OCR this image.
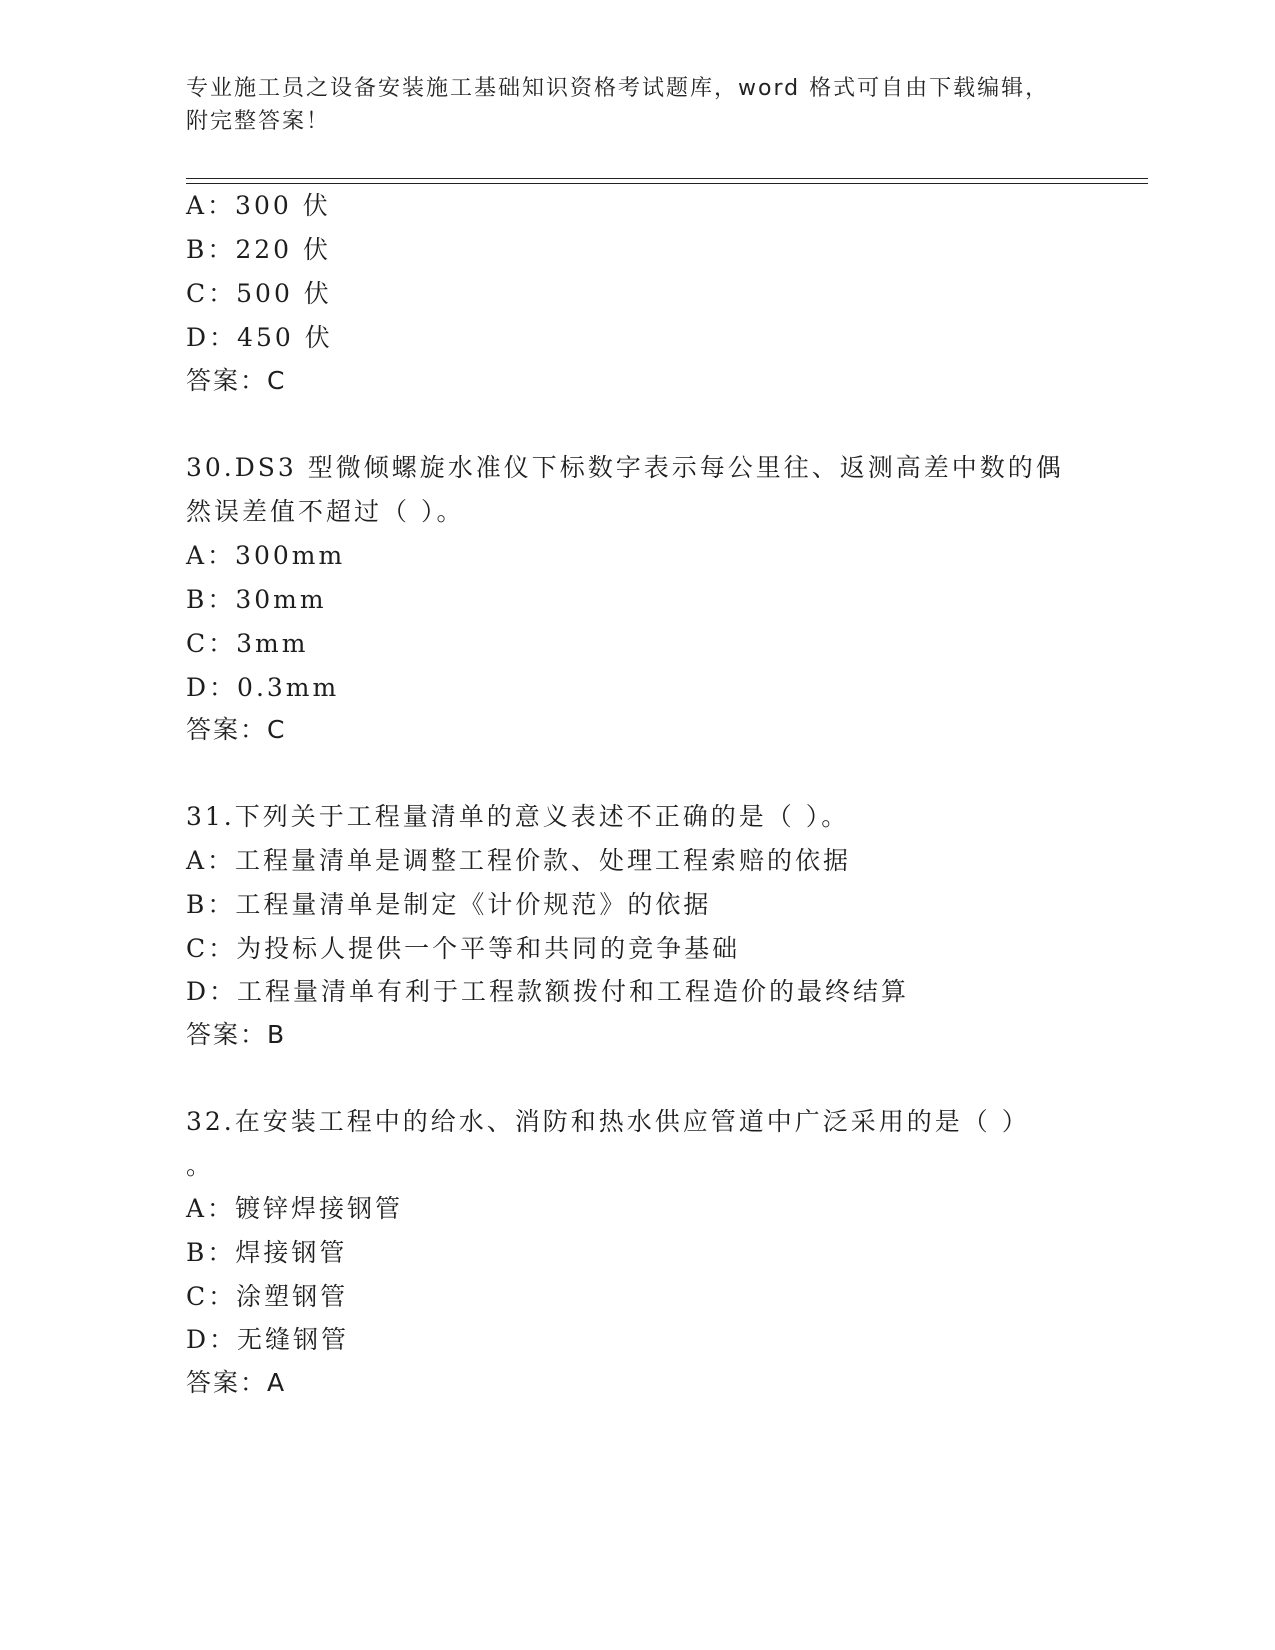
专业施工员之设备安装施工基础知识资格考试题库，word 格式可自由下载编辑，
附完整答案！
A：300 伏
B：220 伏
C：500 伏
D：450 伏
答案：C
30.DS3 型微倾螺旋水准仪下标数字表示每公里往、返测高差中数的偶
然误差值不超过（ ）。
A：300mm
B：30mm
C：3mm
D：0.3mm
答案：C
31.下列关于工程量清单的意义表述不正确的是（ ）。
A：工程量清单是调整工程价款、处理工程索赔的依据
B：工程量清单是制定《计价规范》的依据
C：为投标人提供一个平等和共同的竞争基础
D：工程量清单有利于工程款额拨付和工程造价的最终结算
答案：B
32.在安装工程中的给水、消防和热水供应管道中广泛采用的是（ ）
。
A：镀锌焊接钢管
B：焊接钢管
C：涂塑钢管
D：无缝钢管
答案：A
